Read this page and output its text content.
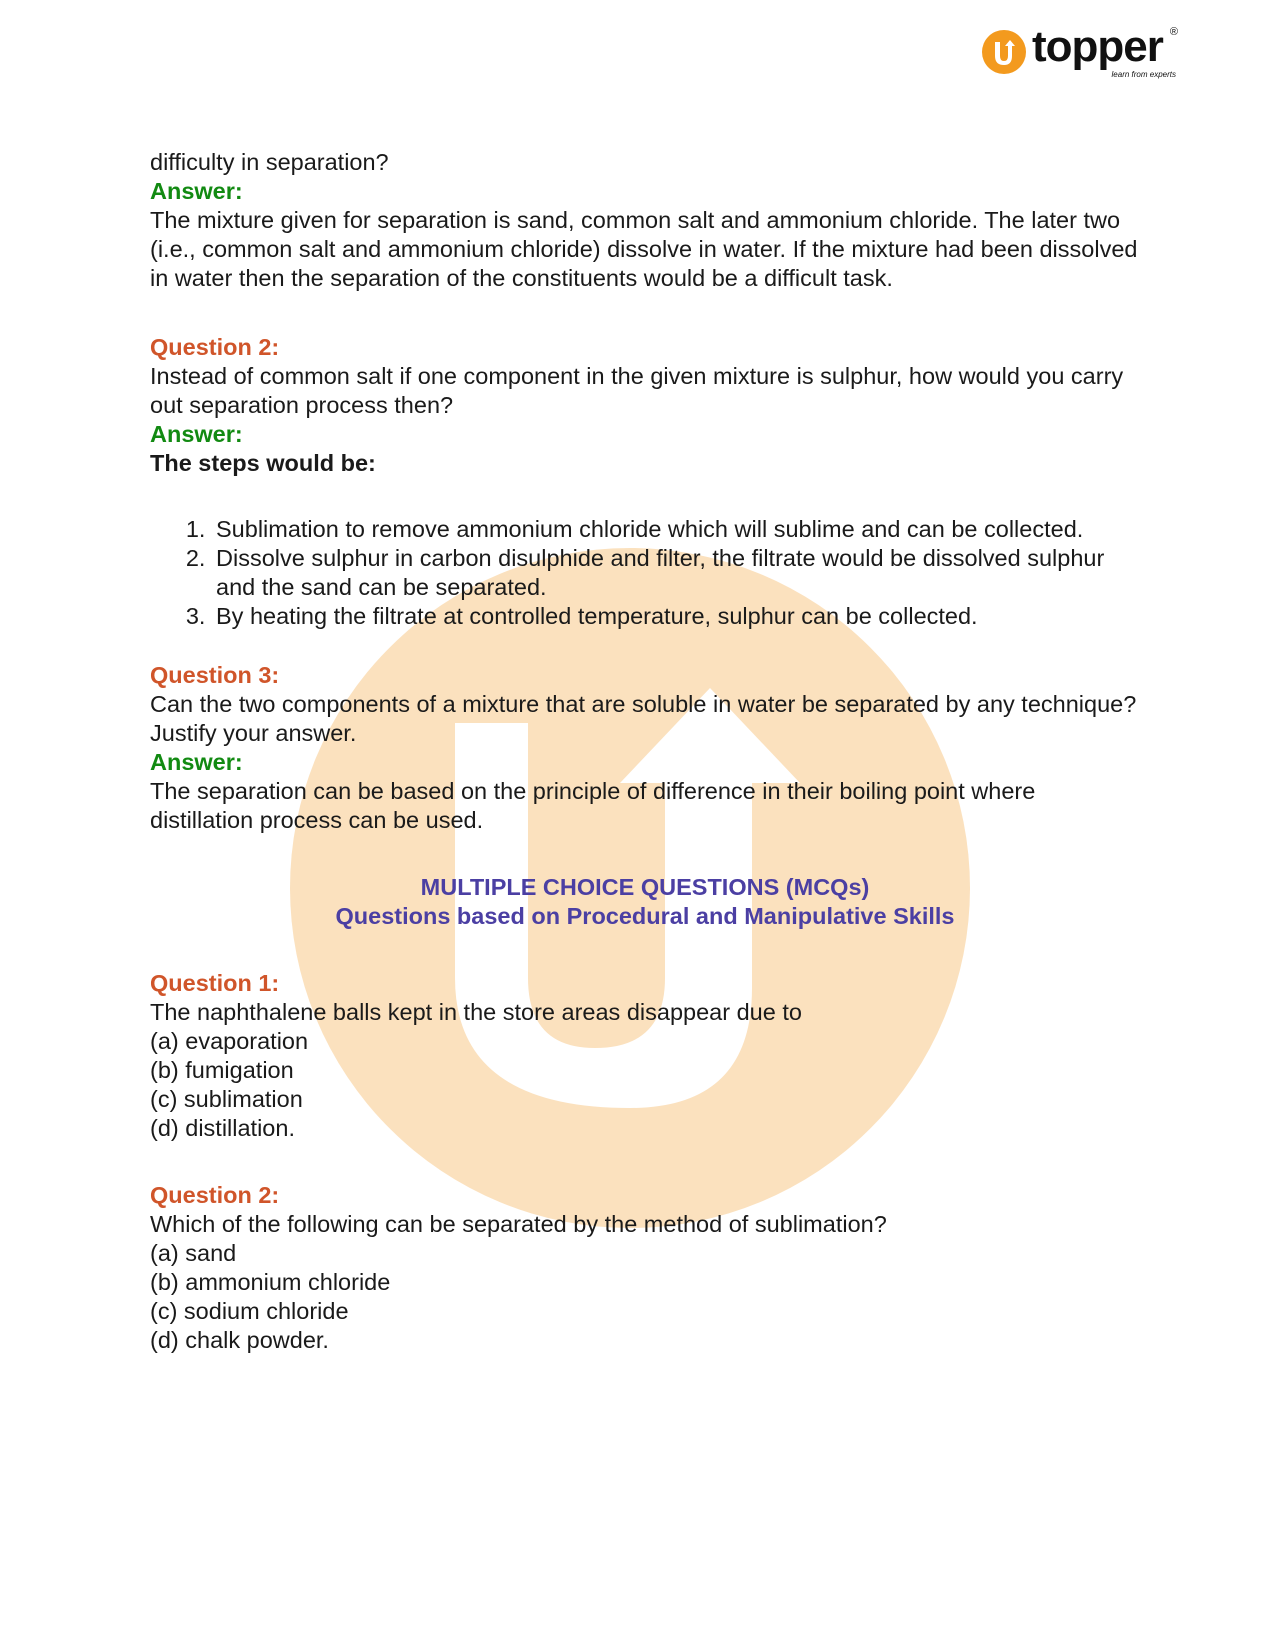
topper ®
learn from experts

difficulty in separation?

Answer:

The mixture given for separation is sand, common salt and ammonium chloride. The later two (i.e., common salt and ammonium chloride) dissolve in water. If the mixture had been dissolved in water then the separation of the constituents would be a difficult task.

Question 2:

Instead of common salt if one component in the given mixture is sulphur, how would you carry out separation process then?

Answer:

The steps would be:

1. Sublimation to remove ammonium chloride which will sublime and can be collected.
2. Dissolve sulphur in carbon disulphide and filter, the filtrate would be dissolved sulphur and the sand can be separated.
3. By heating the filtrate at controlled temperature, sulphur can be collected.

Question 3:

Can the two components of a mixture that are soluble in water be separated by any technique? Justify your answer.

Answer:

The separation can be based on the principle of difference in their boiling point where distillation process can be used.

MULTIPLE CHOICE QUESTIONS (MCQs)

Questions based on Procedural and Manipulative Skills

Question 1:

The naphthalene balls kept in the store areas disappear due to

(a) evaporation

(b) fumigation

(c) sublimation

(d) distillation.

Question 2:

Which of the following can be separated by the method of sublimation?

(a) sand

(b) ammonium chloride

(c) sodium chloride

(d) chalk powder.
